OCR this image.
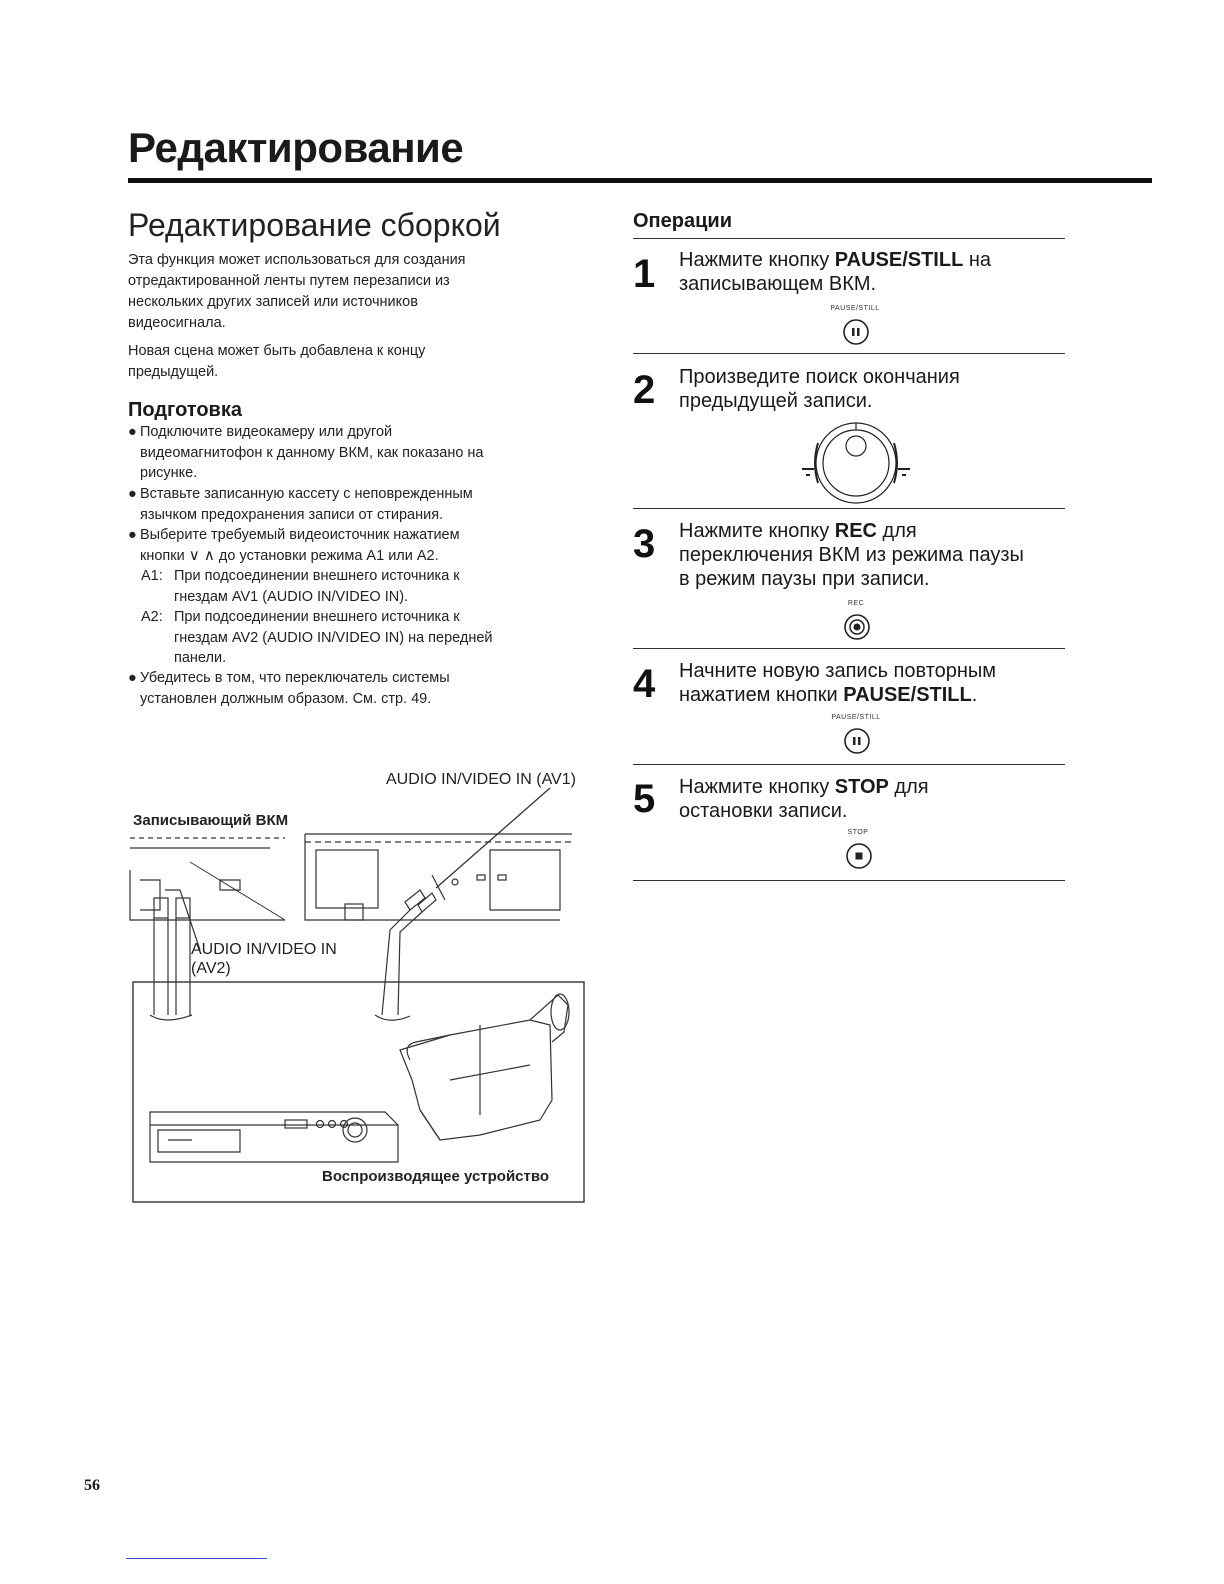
Редактирование
Редактирование сборкой
Эта функция может использоваться для создания
отредактированной ленты путем перезаписи из
нескольких других записей или источников
видеосигнала.
Новая сцена может быть добавлена к концу
предыдущей.
Подготовка
● Подключите видеокамеру или другой
видеомагнитофон к данному ВКМ, как показано на
рисунке.
● Вставьте записанную кассету с неповрежденным
язычком предохранения записи от стирания.
● Выберите требуемый видеоисточник нажатием
кнопки ∨ ∧ до установки режима A1 или A2.
A1: При подсоединении внешнего источника к
гнездам AV1 (AUDIO IN/VIDEO IN).
A2: При подсоединении внешнего источника к
гнездам AV2 (AUDIO IN/VIDEO IN) на передней
панели.
● Убедитесь в том, что переключатель системы
установлен должным образом. См. стр. 49.
AUDIO IN/VIDEO IN (AV1)
Записывающий ВКМ
AUDIO IN/VIDEO IN
(AV2)
Воспроизводящее устройство
Операции
1 Нажмите кнопку PAUSE/STILL на
записывающем ВКМ.
PAUSE/STILL
2 Произведите поиск окончания
предыдущей записи.
3 Нажмите кнопку REC для
переключения ВКМ из режима паузы
в режим паузы при записи.
REC
4 Начните новую запись повторным
нажатием кнопки PAUSE/STILL.
PAUSE/STILL
5 Нажмите кнопку STOP для
остановки записи.
STOP
56
